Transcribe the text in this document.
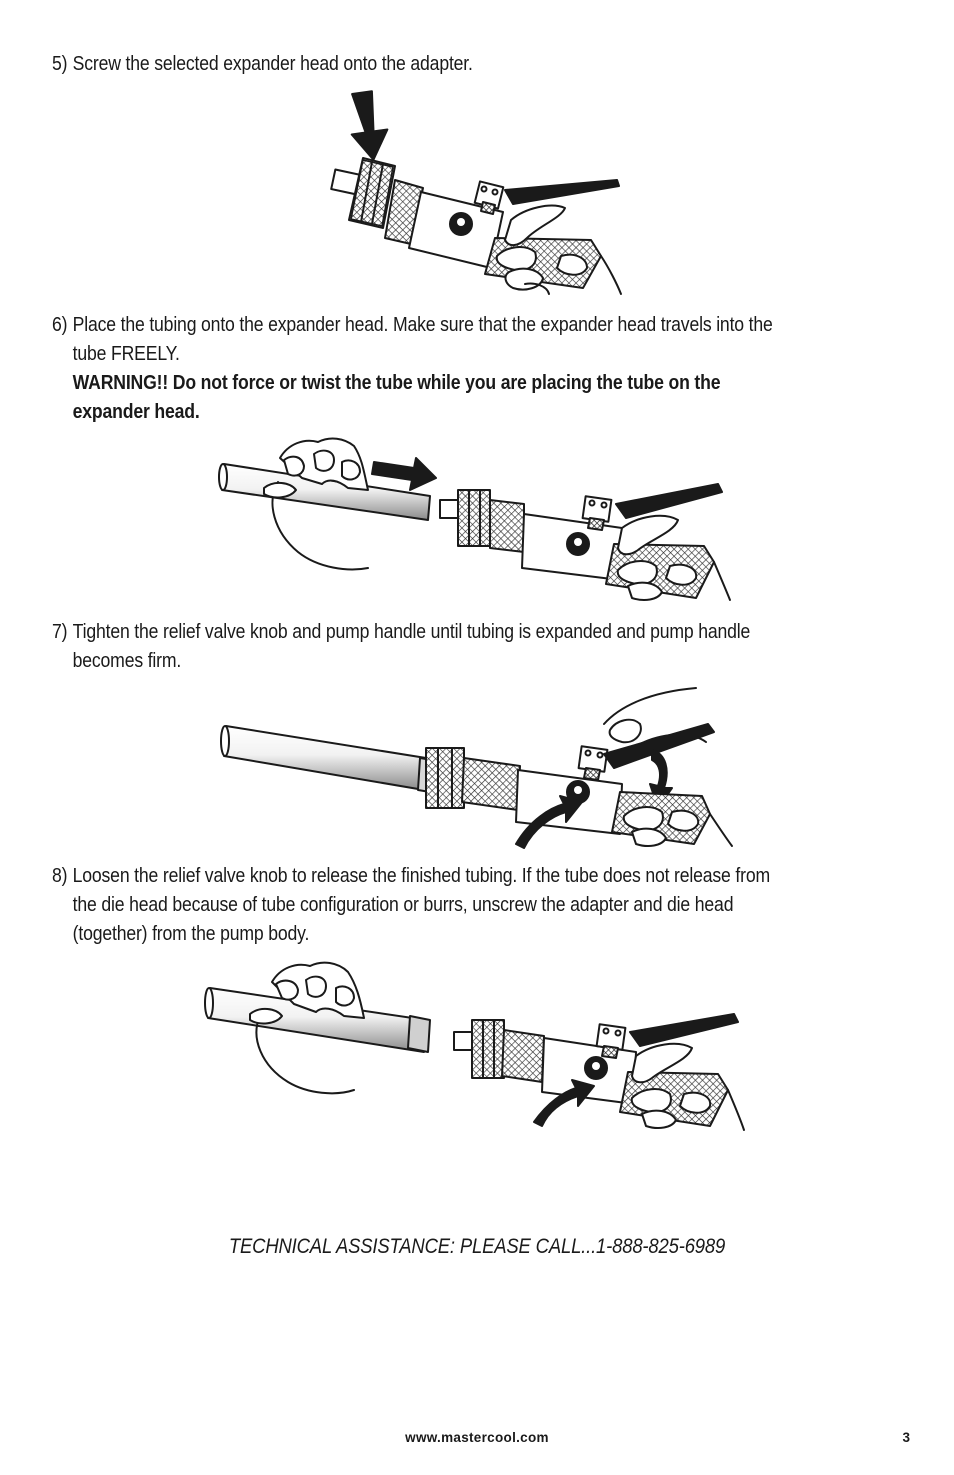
5) Screw the selected expander head onto the adapter.
6) Place the tubing onto the expander head. Make sure that the expander head travels into the
tube FREELY.
WARNING!! Do not force or twist the tube while you are placing the tube on the
expander head.
7) Tighten the relief valve knob and pump handle until tubing is expanded and pump handle
becomes firm.
8) Loosen the relief valve knob to release the finished tubing. If the tube does not release from
the die head because of tube configuration or burrs, unscrew the adapter and die head
(together) from the pump body.
TECHNICAL ASSISTANCE: PLEASE CALL...1-888-825-6989
www.mastercool.com	3
